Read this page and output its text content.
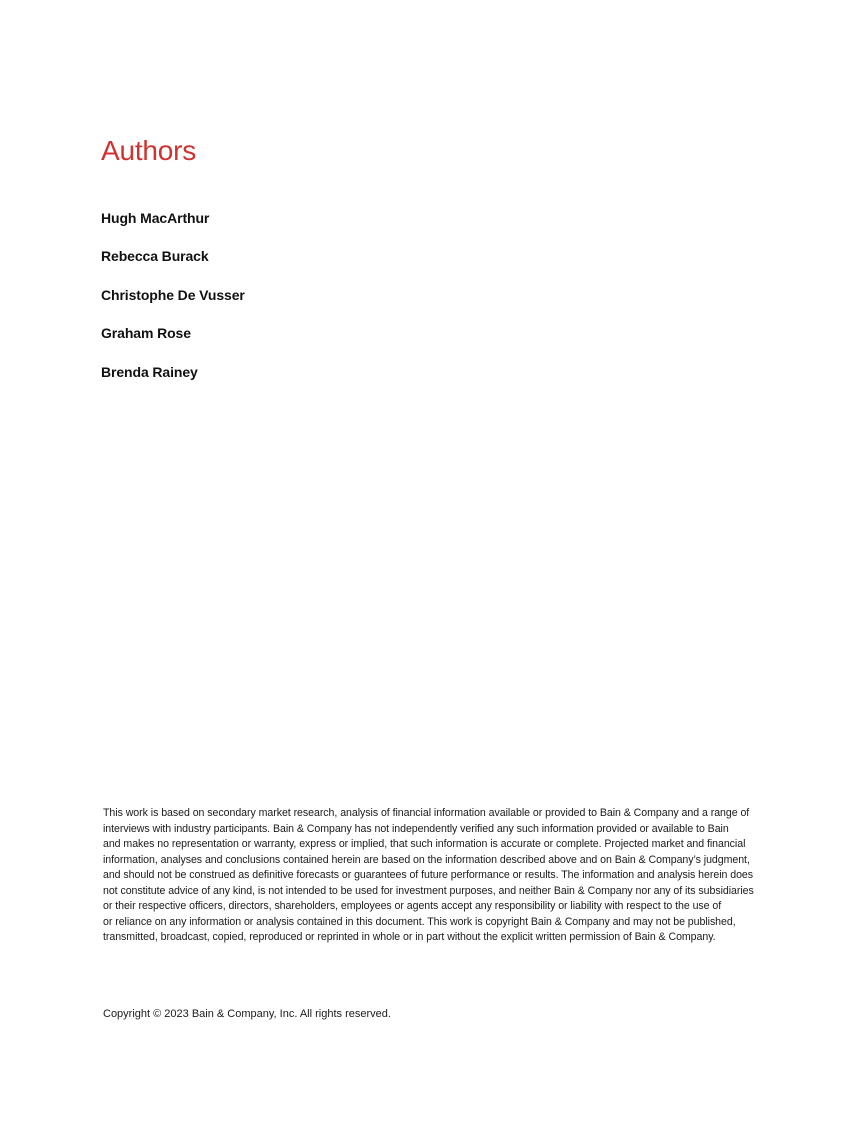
Authors
Hugh MacArthur
Rebecca Burack
Christophe De Vusser
Graham Rose
Brenda Rainey
This work is based on secondary market research, analysis of financial information available or provided to Bain & Company and a range of
interviews with industry participants. Bain & Company has not independently verified any such information provided or available to Bain
and makes no representation or warranty, express or implied, that such information is accurate or complete. Projected market and financial
information, analyses and conclusions contained herein are based on the information described above and on Bain & Company’s judgment,
and should not be construed as definitive forecasts or guarantees of future performance or results. The information and analysis herein does
not constitute advice of any kind, is not intended to be used for investment purposes, and neither Bain & Company nor any of its subsidiaries
or their respective officers, directors, shareholders, employees or agents accept any responsibility or liability with respect to the use of
or reliance on any information or analysis contained in this document. This work is copyright Bain & Company and may not be published,
transmitted, broadcast, copied, reproduced or reprinted in whole or in part without the explicit written permission of Bain & Company.
Copyright © 2023 Bain & Company, Inc. All rights reserved.
